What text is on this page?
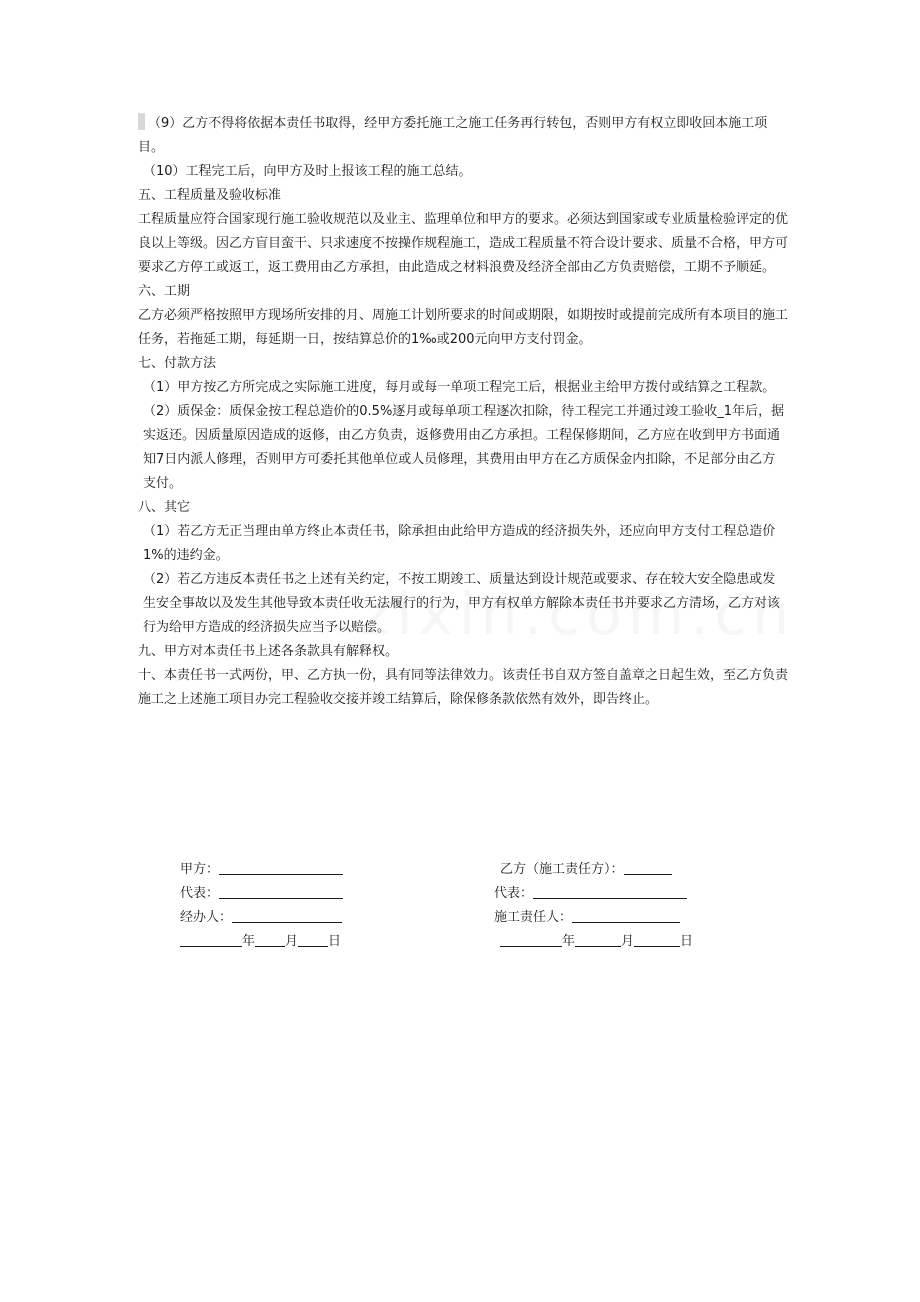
（9）乙方不得将依据本责任书取得，经甲方委托施工之施工任务再行转包，否则甲方有权立即收回本施工项目。

（10）工程完工后，向甲方及时上报该工程的施工总结。

五、工程质量及验收标准

工程质量应符合国家现行施工验收规范以及业主、监理单位和甲方的要求。必须达到国家或专业质量检验评定的优良以上等级。因乙方盲目蛮干、只求速度不按操作规程施工，造成工程质量不符合设计要求、质量不合格，甲方可要求乙方停工或返工，返工费用由乙方承担，由此造成之材料浪费及经济全部由乙方负责赔偿，工期不予顺延。

六、工期

乙方必须严格按照甲方现场所安排的月、周施工计划所要求的时间或期限，如期按时或提前完成所有本项目的施工任务，若拖延工期，每延期一日，按结算总价的1‰或200元向甲方支付罚金。

七、付款方法

（1）甲方按乙方所完成之实际施工进度，每月或每一单项工程完工后，根据业主给甲方拨付或结算之工程款。

（2）质保金：质保金按工程总造价的0.5%逐月或每单项工程逐次扣除，待工程完工并通过竣工验收_1年后，据实返还。因质量原因造成的返修，由乙方负责，返修费用由乙方承担。工程保修期间，乙方应在收到甲方书面通知7日内派人修理，否则甲方可委托其他单位或人员修理，其费用由甲方在乙方质保金内扣除，不足部分由乙方支付。

八、其它

（1）若乙方无正当理由单方终止本责任书，除承担由此给甲方造成的经济损失外，还应向甲方支付工程总造价1%的违约金。

（2）若乙方违反本责任书之上述有关约定，不按工期竣工、质量达到设计规范或要求、存在较大安全隐患或发生安全事故以及发生其他导致本责任收无法履行的行为，甲方有权单方解除本责任书并要求乙方清场，乙方对该行为给甲方造成的经济损失应当予以赔偿。

九、甲方对本责任书上述各条款具有解释权。

十、本责任书一式两份，甲、乙方执一份，具有同等法律效力。该责任书自双方签自盖章之日起生效，至乙方负责施工之上述施工项目办完工程验收交接并竣工结算后，除保修条款依然有效外，即告终止。

甲方：
代表：
经办人：
年 月 日
乙方（施工责任方）：
代表：
施工责任人：
年	月	日
